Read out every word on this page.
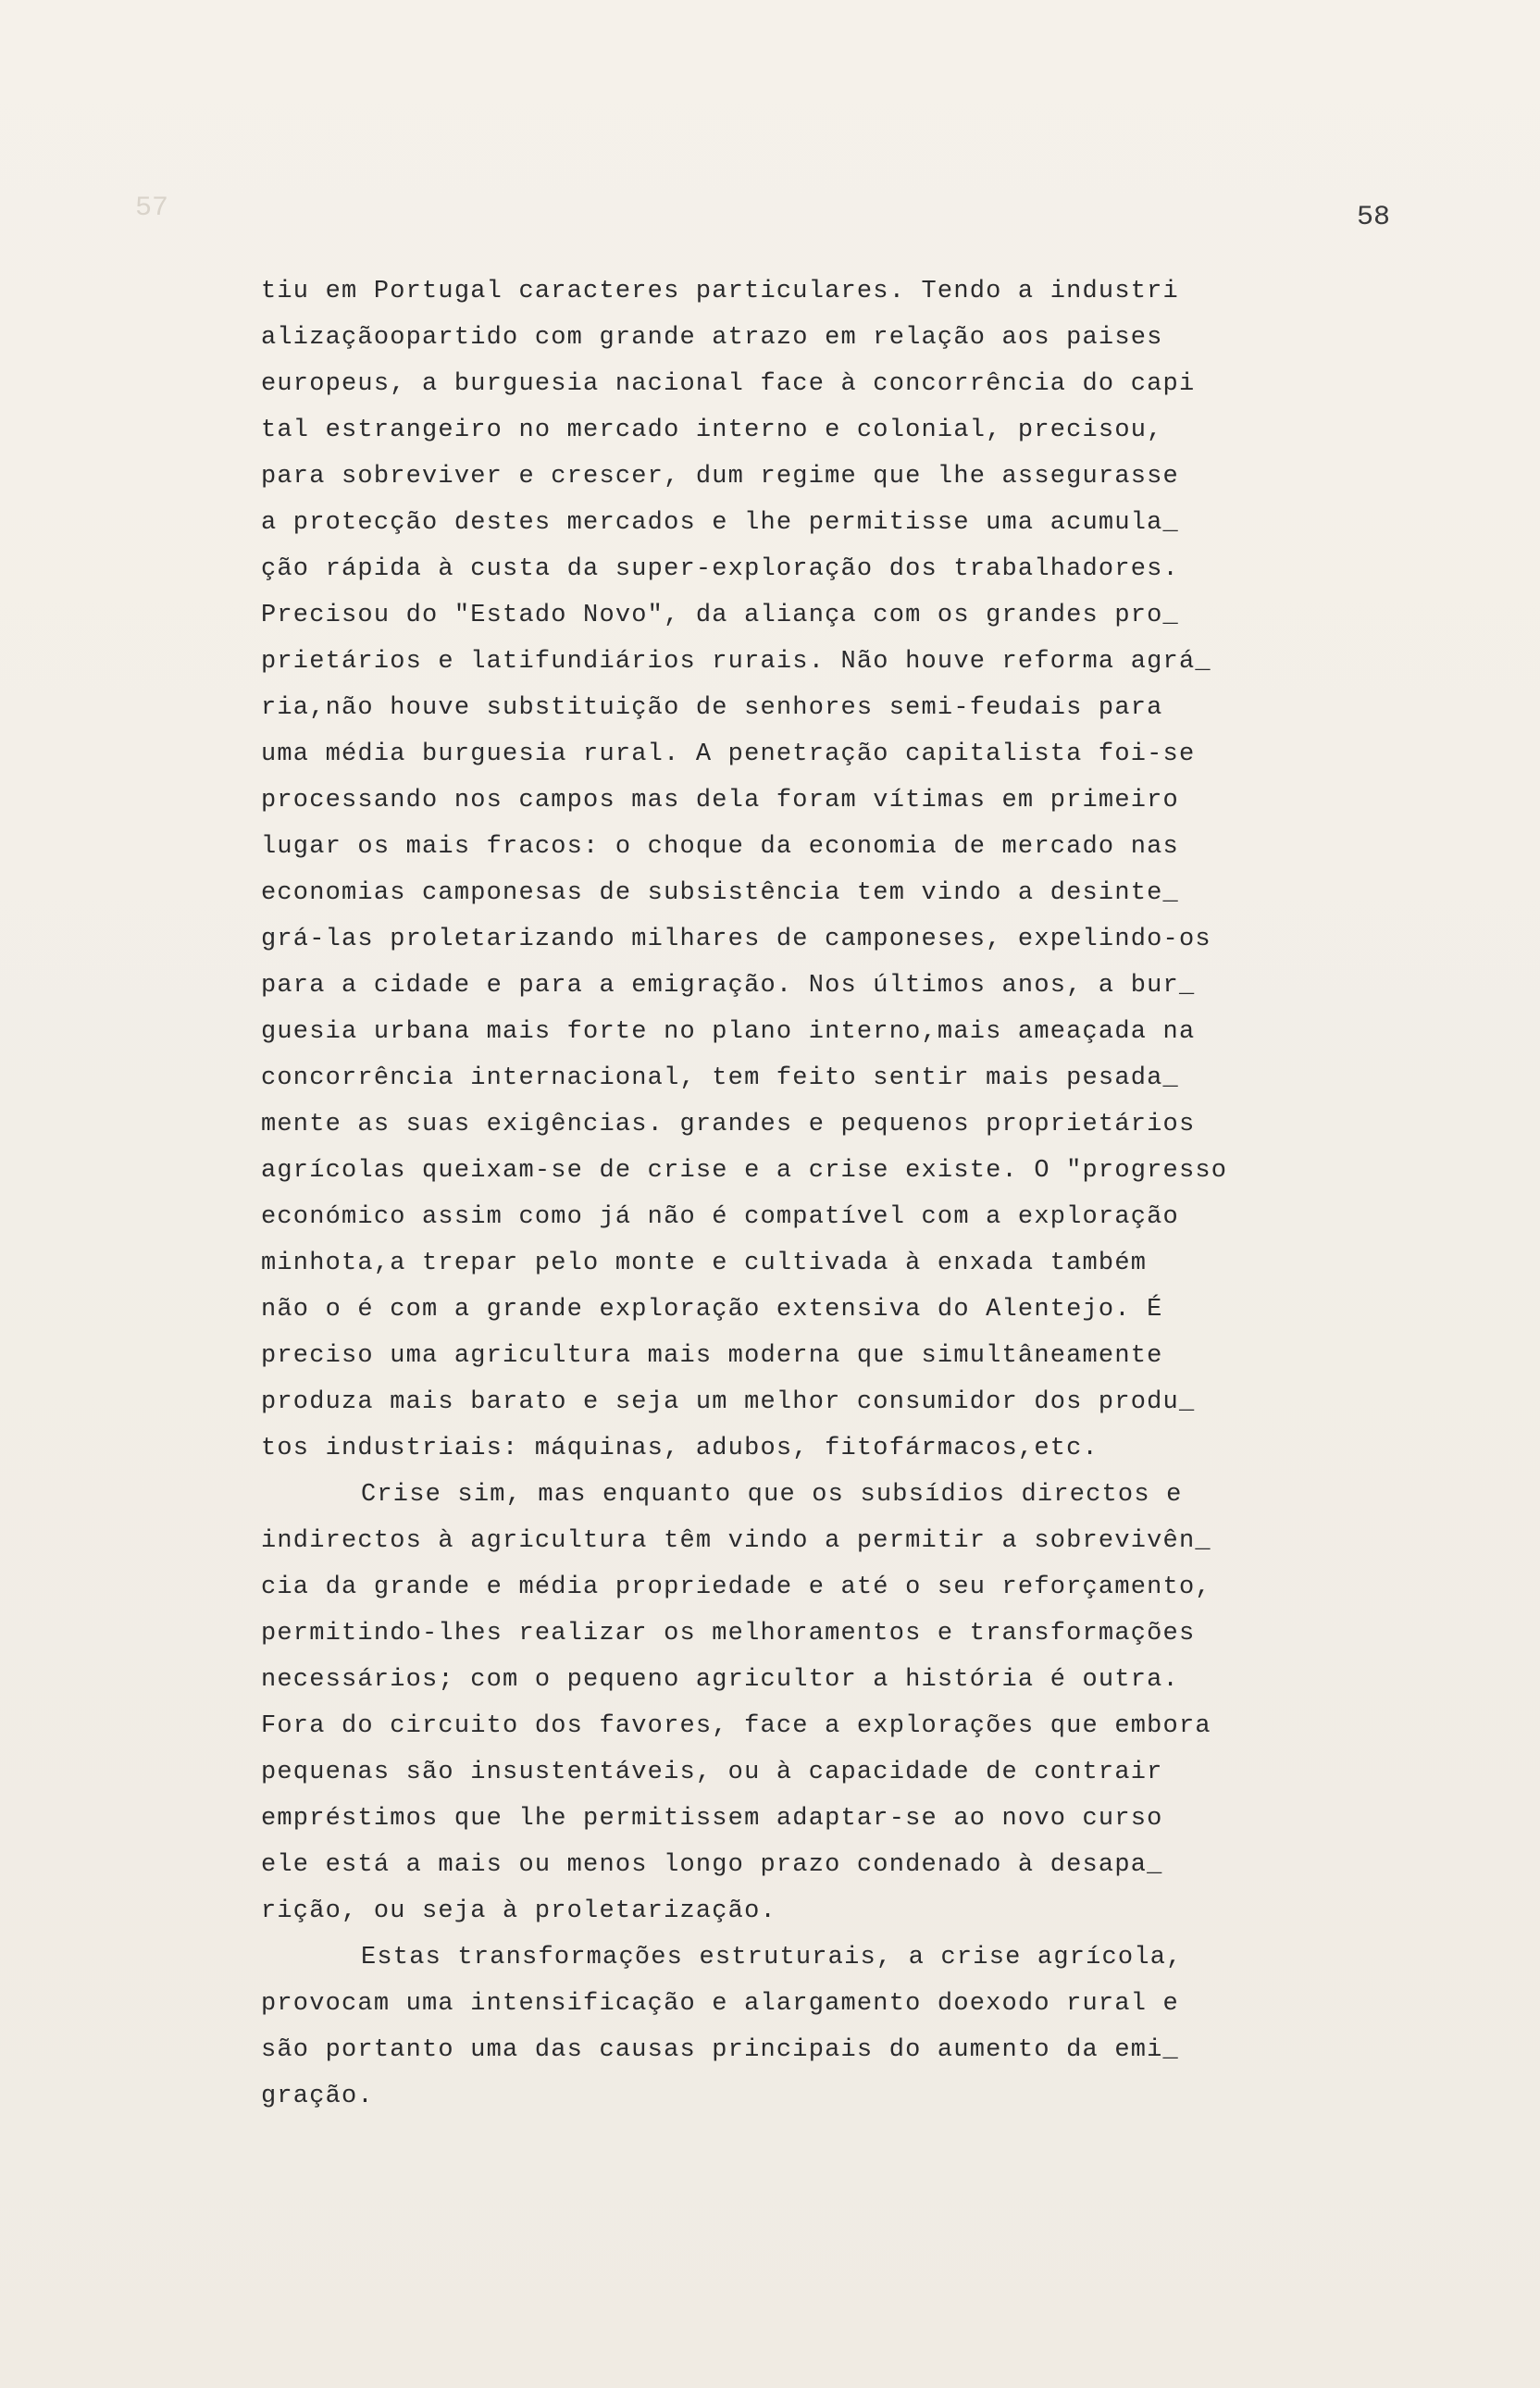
57	58
tiu em Portugal caracteres particulares. Tendo a industri
alizaçãoopartido com grande atrazo em relação aos paises
europeus, a burguesia nacional face à concorrência do capi
tal estrangeiro no mercado interno e colonial, precisou,
para sobreviver e crescer, dum regime que lhe assegurasse
a protecção destes mercados e lhe permitisse uma acumula_
ção rápida à custa da super-exploração dos trabalhadores.
Precisou do "Estado Novo", da aliança com os grandes pro_
prietários e latifundiários rurais. Não houve reforma agrá_
ria,não houve substituição de senhores semi-feudais para
uma média burguesia rural. A penetração capitalista foi-se
processando nos campos mas dela foram vítimas em primeiro
lugar os mais fracos: o choque da economia de mercado nas
economias camponesas de subsistência tem vindo a desinte_
grá-las proletarizando milhares de camponeses, expelindo-os
para a cidade e para a emigração. Nos últimos anos, a bur_
guesia urbana mais forte no plano interno,mais ameaçada na
concorrência internacional, tem feito sentir mais pesada_
mente as suas exigências. grandes e pequenos proprietários
agrícolas queixam-se de crise e a crise existe. O "progresso
económico assim como já não é compatível com a exploração
minhota,a trepar pelo monte e cultivada à enxada também
não o é com a grande exploração extensiva do Alentejo. É
preciso uma agricultura mais moderna que simultâneamente
produza mais barato e seja um melhor consumidor dos produ_
tos industriais: máquinas, adubos, fitofármacos,etc.
Crise sim, mas enquanto que os subsídios directos e
indirectos à agricultura têm vindo a permitir a sobrevivên_
cia da grande e média propriedade e até o seu reforçamento,
permitindo-lhes realizar os melhoramentos e transformações
necessários; com o pequeno agricultor a história é outra.
Fora do circuito dos favores, face a explorações que embora
pequenas são insustentáveis, ou à capacidade de contrair
empréstimos que lhe permitissem adaptar-se ao novo curso
ele está a mais ou menos longo prazo condenado à desapa_
rição, ou seja à proletarização.
Estas transformações estruturais, a crise agrícola,
provocam uma intensificação e alargamento doexodo rural e
são portanto uma das causas principais do aumento da emi_
gração.
